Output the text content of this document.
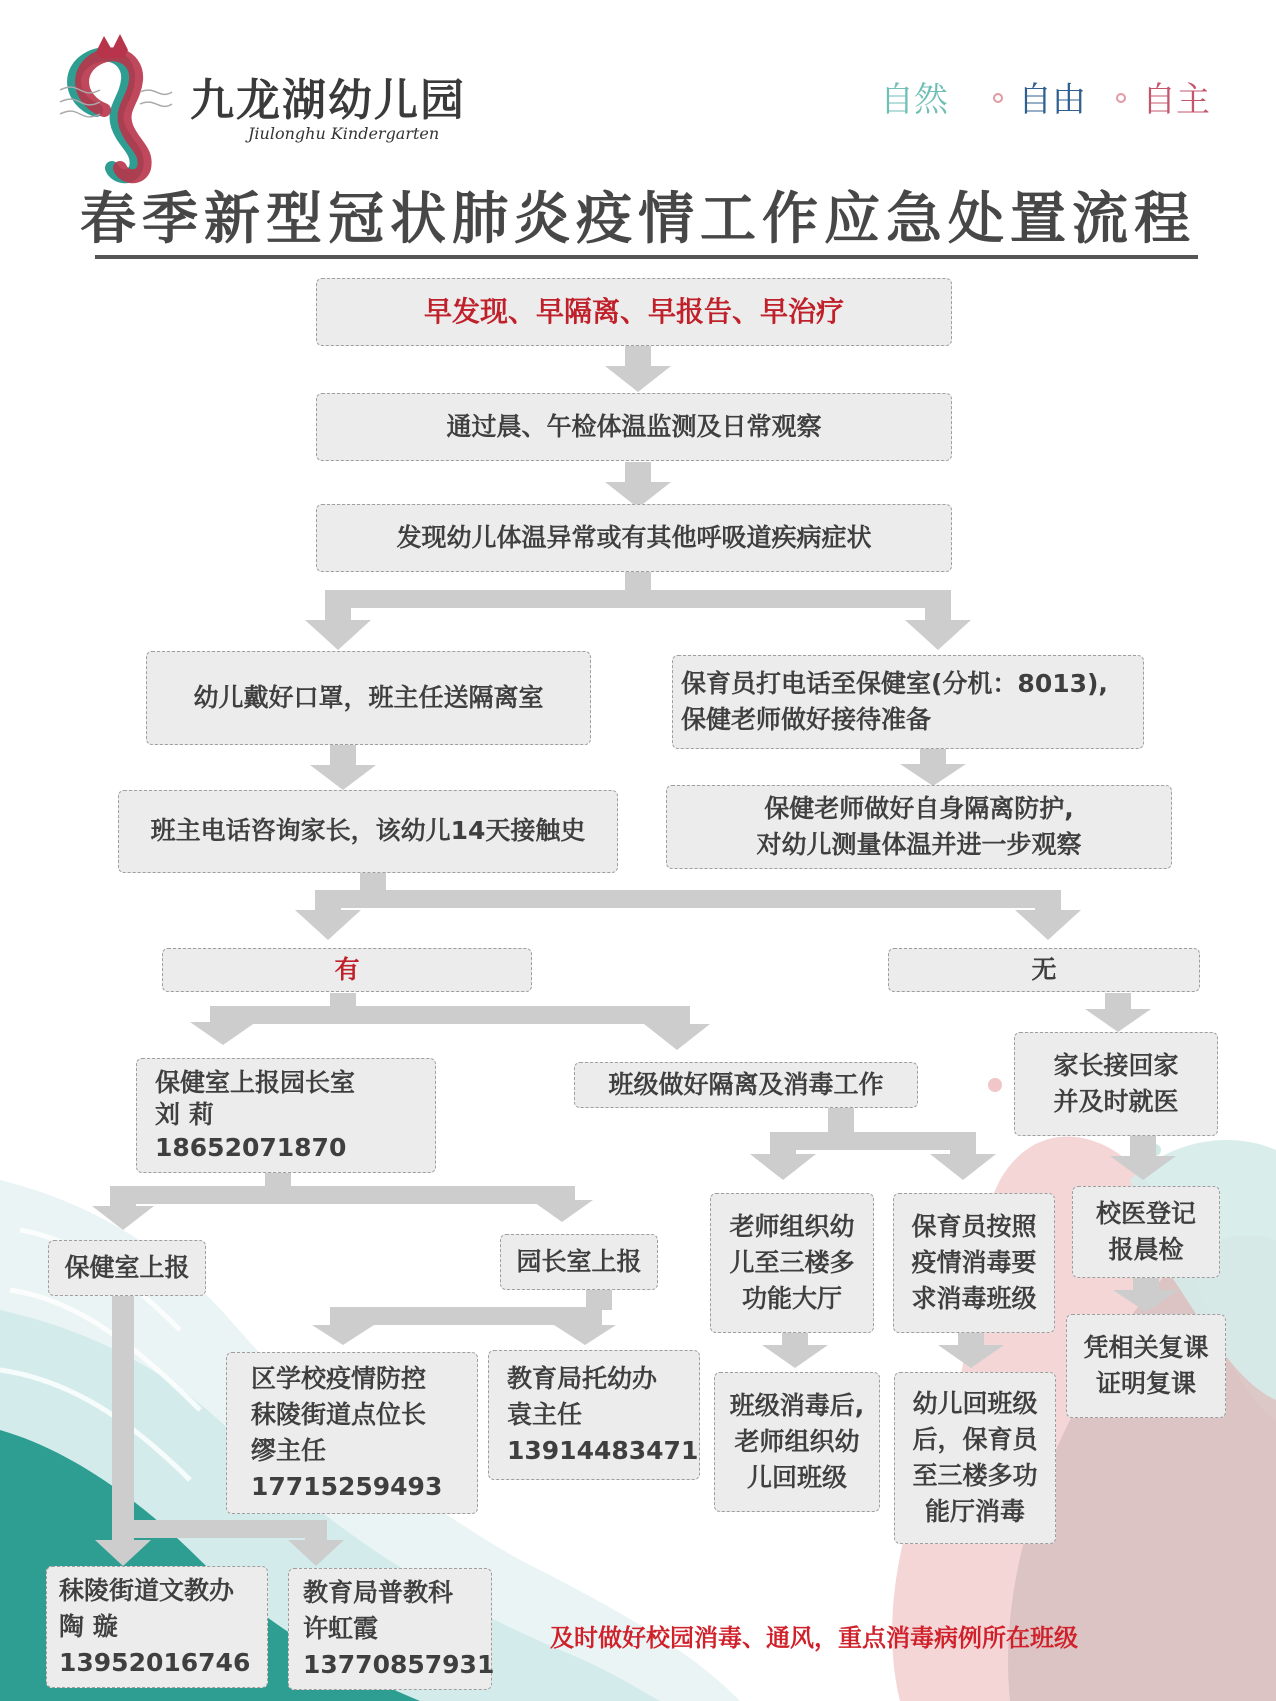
九龙湖幼儿园
Jiulonghu Kindergarten
自然 自由 自主
春季新型冠状肺炎疫情工作应急处置流程
早发现、早隔离、早报告、早治疗
通过晨、午检体温监测及日常观察
发现幼儿体温异常或有其他呼吸道疾病症状
幼儿戴好口罩，班主任送隔离室	保育员打电话至保健室(分机：8013),
保健老师做好接待准备
班主电话咨询家长，该幼儿14天接触史
保健老师做好自身隔离防护,
对幼儿测量体温并进一步观察
有	无
保健室上报园长室
刘 莉
18652071870
班级做好隔离及消毒工作
家长接回家
并及时就医
保健室上报	园长室上报
老师组织幼
儿至三楼多
功能大厅
保育员按照
疫情消毒要
求消毒班级
校医登记
报晨检
区学校疫情防控
秣陵街道点位长
缪主任
17715259493
教育局托幼办
袁主任
13914483471
班级消毒后,
老师组织幼
儿回班级
幼儿回班级
后，保育员
至三楼多功
能厅消毒
凭相关复课
证明复课
秣陵街道文教办
陶 璇
13952016746
教育局普教科
许虹霞
13770857931
及时做好校园消毒、通风，重点消毒病例所在班级
